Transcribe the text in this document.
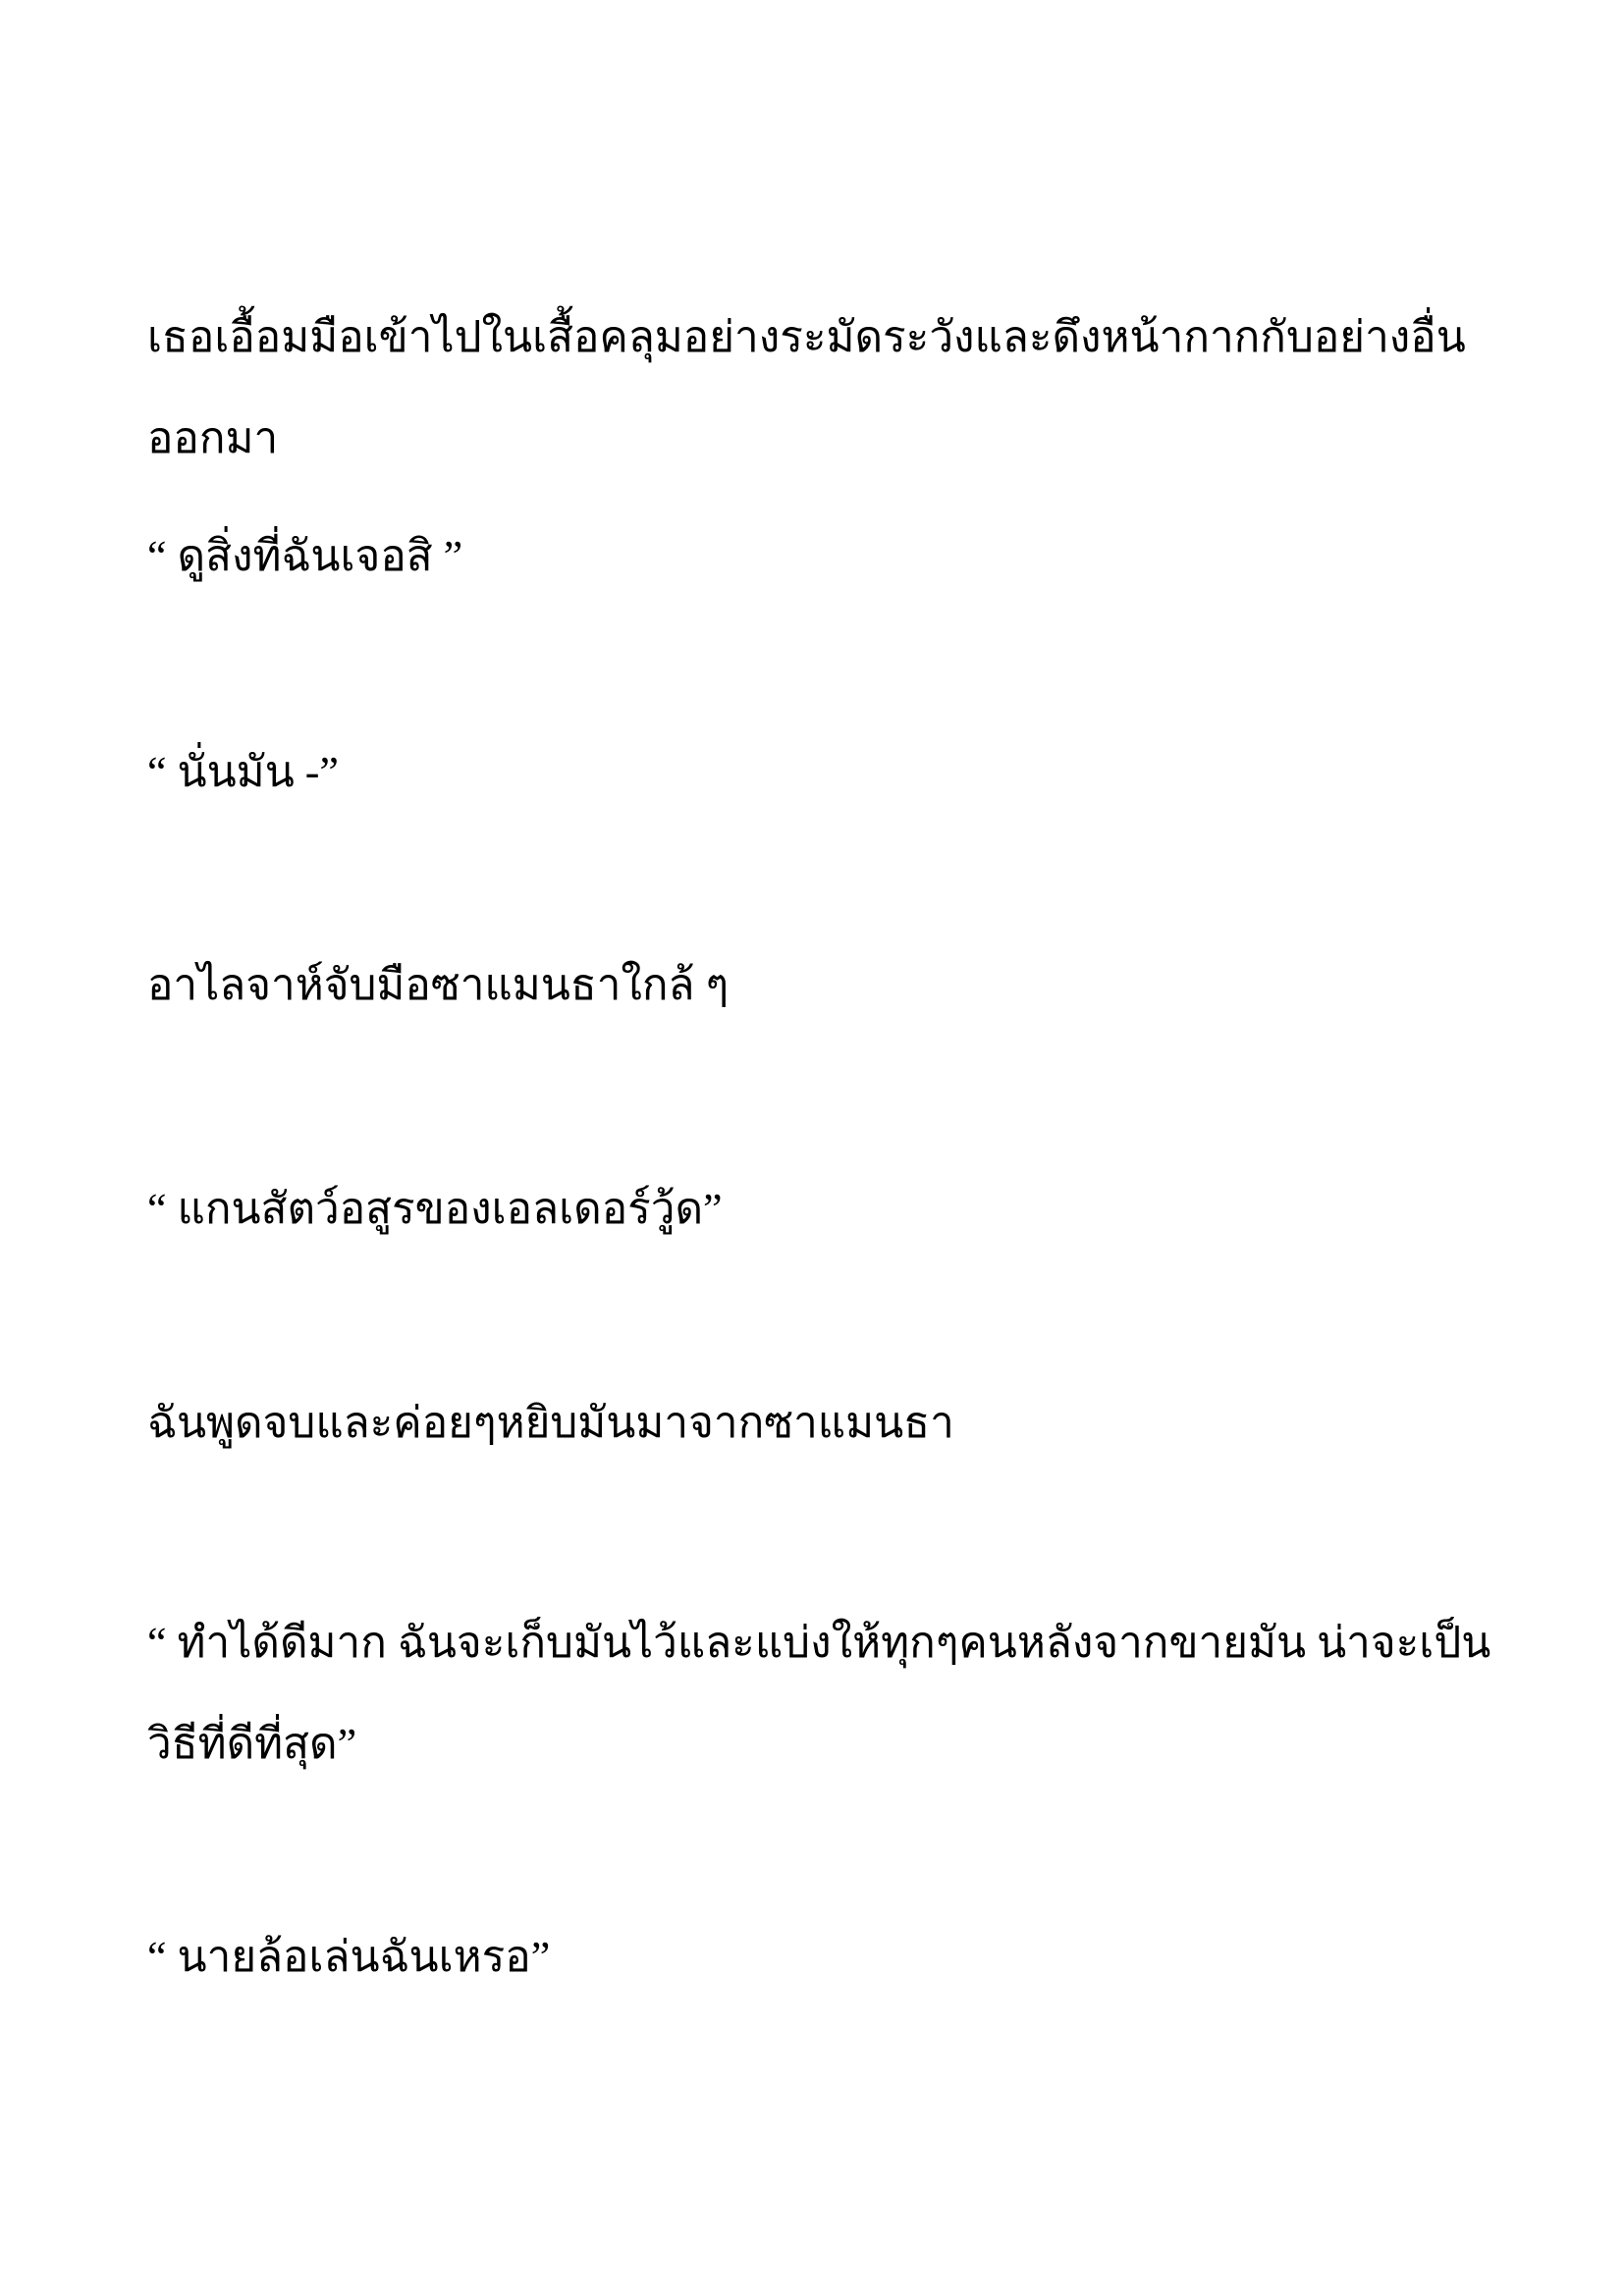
เธอเอื้อมมือเข้าไปในเสื้อคลุมอย่างระมัดระวังและดึงหน้ากากกับอย่างอื่นออกมา

“ ดูสิ่งที่ฉันเจอสิ ”

“ นั่นมัน -”

อาไลจาห์จับมือซาแมนธาใกล้ ๆ

“ แกนสัตว์อสูรของเอลเดอร์วู้ด”

ฉันพูดจบและค่อยๆหยิบมันมาจากซาแมนธา

“ ทำได้ดีมาก ฉันจะเก็บมันไว้และแบ่งให้ทุกๆคนหลังจากขายมัน น่าจะเป็นวิธีที่ดีที่สุด”

“ นายล้อเล่นฉันเหรอ”
